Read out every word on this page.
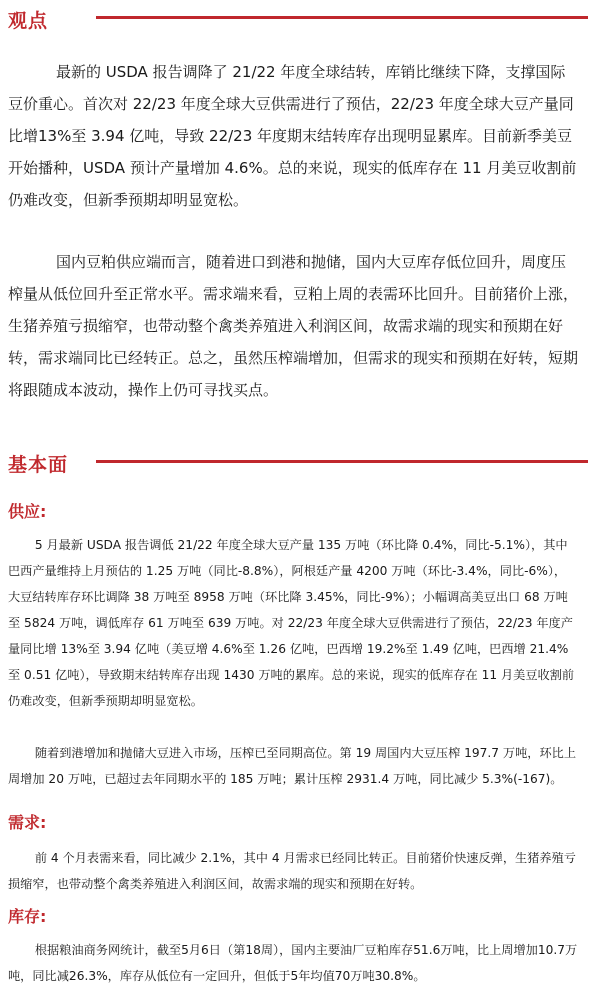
观点

最新的 USDA 报告调降了 21/22 年度全球结转，库销比继续下降，支撑国际豆价重心。首次对 22/23 年度全球大豆供需进行了预估，22/23 年度全球大豆产量同比增13%至 3.94 亿吨，导致 22/23 年度期末结转库存出现明显累库。目前新季美豆开始播种，USDA 预计产量增加 4.6%。总的来说，现实的低库存在 11 月美豆收割前仍难改变，但新季预期却明显宽松。

国内豆粕供应端而言，随着进口到港和抛储，国内大豆库存低位回升，周度压榨量从低位回升至正常水平。需求端来看，豆粕上周的表需环比回升。目前猪价上涨，生猪养殖亏损缩窄，也带动整个禽类养殖进入利润区间，故需求端的现实和预期在好转，需求端同比已经转正。总之，虽然压榨端增加，但需求的现实和预期在好转，短期将跟随成本波动，操作上仍可寻找买点。

基本面
供应:

5 月最新 USDA 报告调低 21/22 年度全球大豆产量 135 万吨（环比降 0.4%，同比-5.1%），其中巴西产量维持上月预估的 1.25 万吨（同比-8.8%），阿根廷产量 4200 万吨（环比-3.4%，同比-6%），大豆结转库存环比调降 38 万吨至 8958 万吨（环比降 3.45%，同比-9%）；小幅调高美豆出口 68 万吨至 5824 万吨，调低库存 61 万吨至 639 万吨。对 22/23 年度全球大豆供需进行了预估，22/23 年度产量同比增 13%至 3.94 亿吨（美豆增 4.6%至 1.26 亿吨，巴西增 19.2%至 1.49 亿吨，巴西增 21.4%至 0.51 亿吨），导致期末结转库存出现 1430 万吨的累库。总的来说，现实的低库存在 11 月美豆收割前仍难改变，但新季预期却明显宽松。

随着到港增加和抛储大豆进入市场，压榨已至同期高位。第 19 周国内大豆压榨 197.7 万吨，环比上周增加 20 万吨，已超过去年同期水平的 185 万吨；累计压榨 2931.4 万吨，同比减少 5.3%(-167)。

需求:

前 4 个月表需来看，同比减少 2.1%，其中 4 月需求已经同比转正。目前猪价快速反弹，生猪养殖亏损缩窄，也带动整个禽类养殖进入利润区间，故需求端的现实和预期在好转。

库存:

根据粮油商务网统计，截至5月6日（第18周），国内主要油厂豆粕库存51.6万吨，比上周增加10.7万吨，同比减26.3%，库存从低位有一定回升，但低于5年均值70万吨30.8%。
